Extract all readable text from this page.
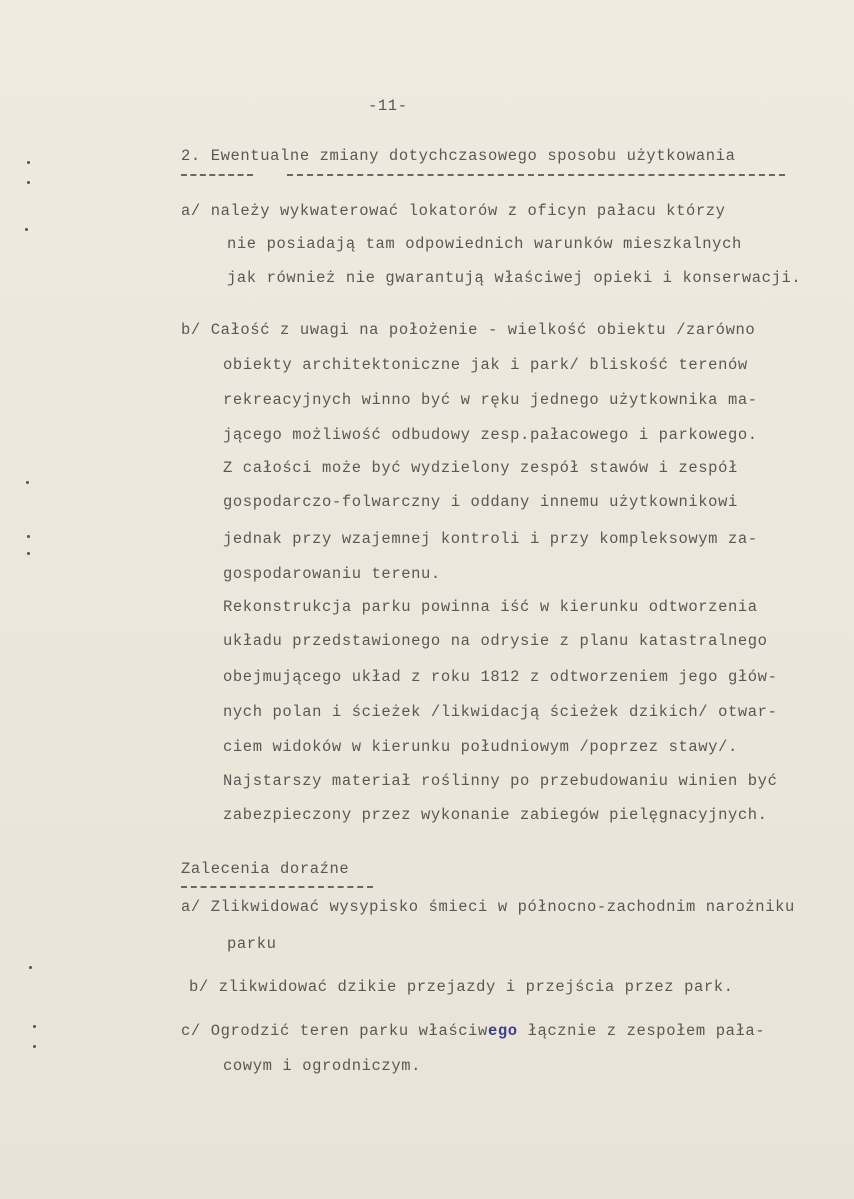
-11-
2. Ewentualne zmiany dotychczasowego sposobu użytkowania
a/ należy wykwaterować lokatorów z oficyn pałacu którzy
nie posiadają tam odpowiednich warunków mieszkalnych
jak również nie gwarantują właściwej opieki i konserwacji.
b/ Całość z uwagi na położenie - wielkość obiektu /zarówno
obiekty architektoniczne jak i park/ bliskość terenów
rekreacyjnych winno być w ręku jednego użytkownika ma-
jącego możliwość odbudowy zesp.pałacowego i parkowego.
Z całości może być wydzielony zespół stawów i zespół
gospodarczo-folwarczny i oddany innemu użytkownikowi
jednak przy wzajemnej kontroli i przy kompleksowym za-
gospodarowaniu terenu.
Rekonstrukcja parku powinna iść w kierunku odtworzenia
układu przedstawionego na odrysie z planu katastralnego
obejmującego układ z roku 1812 z odtworzeniem jego głów-
nych polan i ścieżek /likwidacją ścieżek dzikich/ otwar-
ciem widoków w kierunku południowym /poprzez stawy/.
Najstarszy materiał roślinny po przebudowaniu winien być
zabezpieczony przez wykonanie zabiegów pielęgnacyjnych.
Zalecenia doraźne
a/ Zlikwidować wysypisko śmieci w północno-zachodnim narożniku
parku
b/ zlikwidować dzikie przejazdy i przejścia przez park.
c/ Ogrodzić teren parku właściwego łącznie z zespołem pała-
cowym i ogrodniczym.
